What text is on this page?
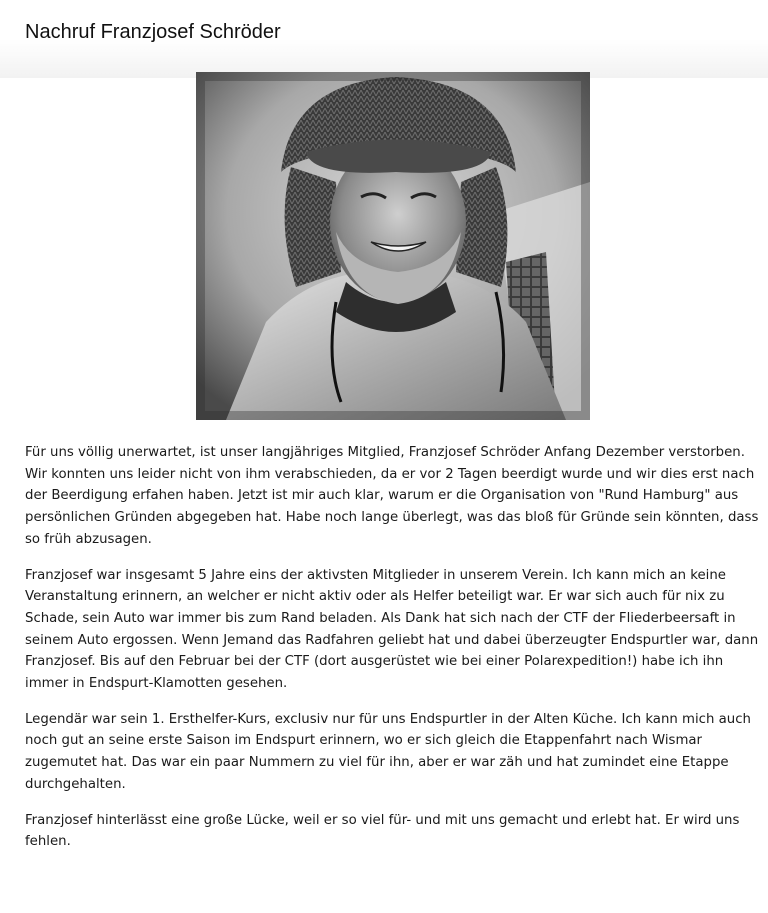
Nachruf Franzjosef Schröder

Für uns völlig unerwartet, ist unser langjähriges Mitglied, Franzjosef Schröder Anfang Dezember verstorben. Wir konnten uns leider nicht von ihm verabschieden, da er vor 2 Tagen beerdigt wurde und wir dies erst nach der Beerdigung erfahen haben. Jetzt ist mir auch klar, warum er die Organisation von "Rund Hamburg" aus persönlichen Gründen abgegeben hat. Habe noch lange überlegt, was das bloß für Gründe sein könnten, dass so früh abzusagen.

Franzjosef war insgesamt 5 Jahre eins der aktivsten Mitglieder in unserem Verein. Ich kann mich an keine Veranstaltung erinnern, an welcher er nicht aktiv oder als Helfer beteiligt war. Er war sich auch für nix zu Schade, sein Auto war immer bis zum Rand beladen. Als Dank hat sich nach der CTF der Fliederbeersaft in seinem Auto ergossen. Wenn Jemand das Radfahren geliebt hat und dabei überzeugter Endspurtler war, dann Franzjosef. Bis auf den Februar bei der CTF (dort ausgerüstet wie bei einer Polarexpedition!) habe ich ihn immer in Endspurt-Klamotten gesehen.

Legendär war sein 1. Ersthelfer-Kurs, exclusiv nur für uns Endspurtler in der Alten Küche. Ich kann mich auch noch gut an seine erste Saison im Endspurt erinnern, wo er sich gleich die Etappenfahrt nach Wismar zugemutet hat. Das war ein paar Nummern zu viel für ihn, aber er war zäh und hat zumindet eine Etappe durchgehalten.

Franzjosef hinterlässt eine große Lücke, weil er so viel für- und mit uns gemacht und erlebt hat. Er wird uns fehlen.
